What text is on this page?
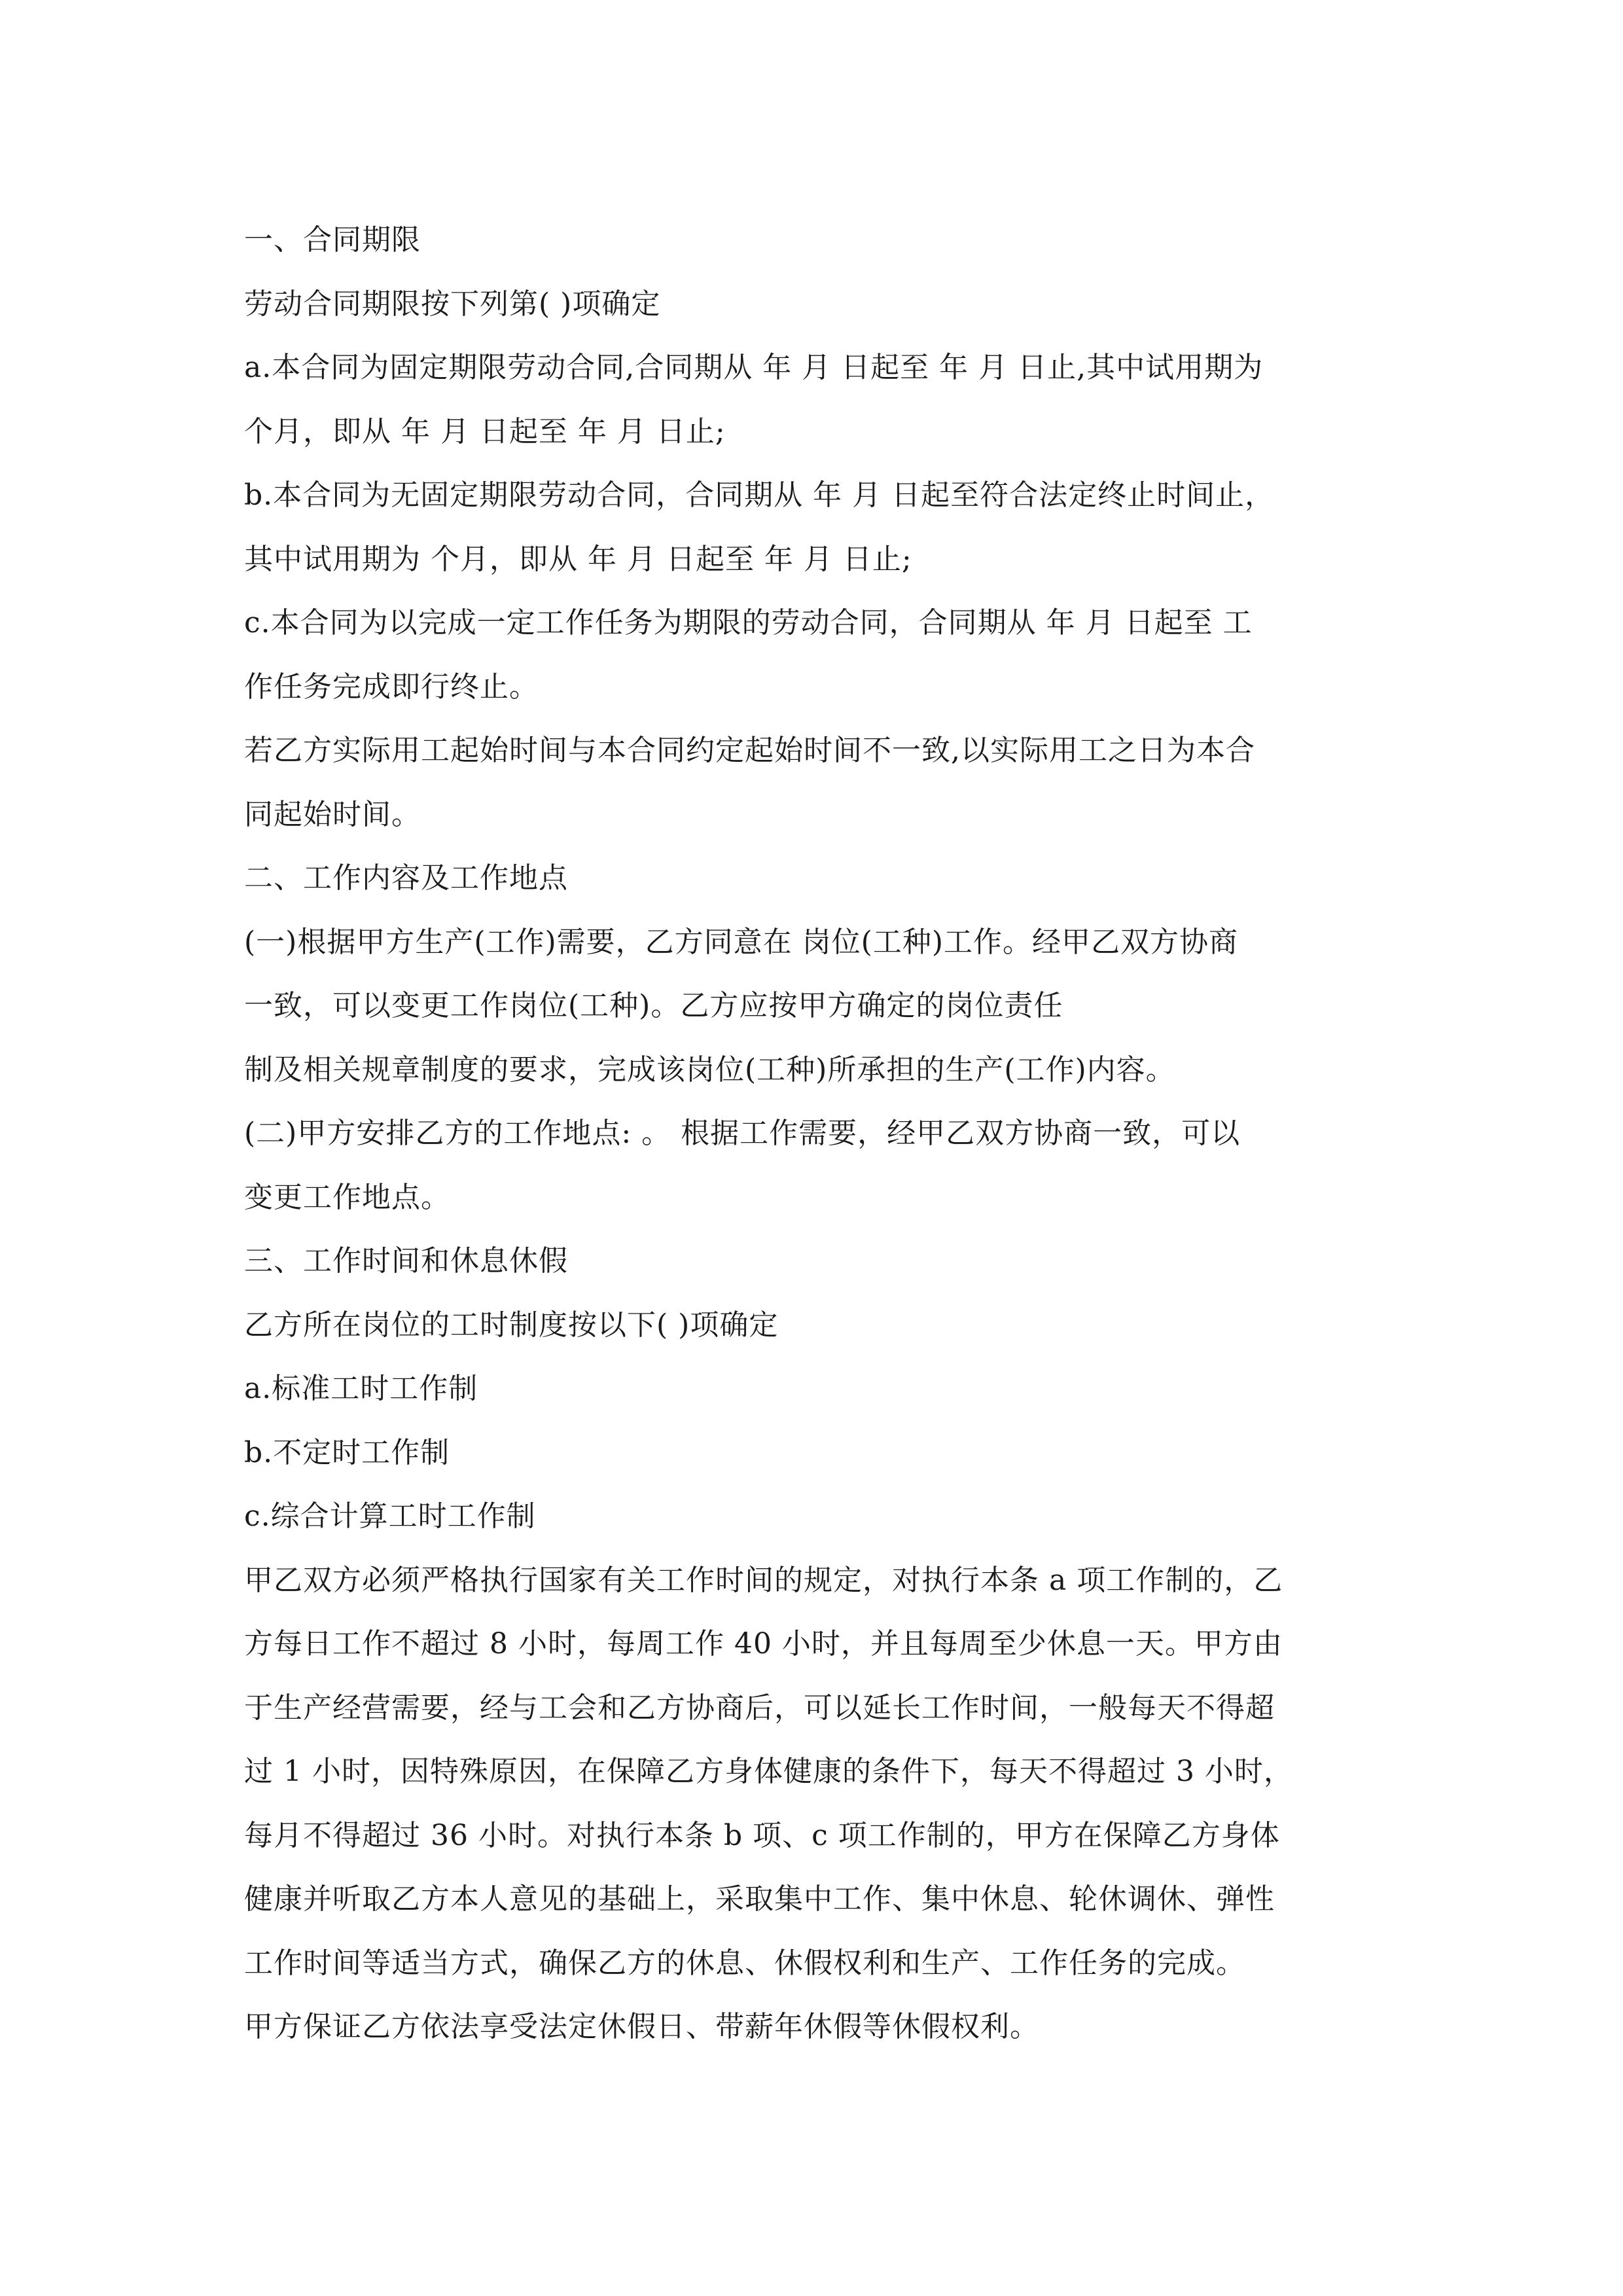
一、合同期限
劳动合同期限按下列第( )项确定
a.本合同为固定期限劳动合同,合同期从 年 月 日起至 年 月 日止,其中试用期为
个月，即从 年 月 日起至 年 月 日止;
b.本合同为无固定期限劳动合同，合同期从 年 月 日起至符合法定终止时间止，
其中试用期为 个月，即从 年 月 日起至 年 月 日止;
c.本合同为以完成一定工作任务为期限的劳动合同，合同期从 年 月 日起至 工
作任务完成即行终止。
若乙方实际用工起始时间与本合同约定起始时间不一致,以实际用工之日为本合
同起始时间。
二、工作内容及工作地点
(一)根据甲方生产(工作)需要，乙方同意在 岗位(工种)工作。经甲乙双方协商
一致，可以变更工作岗位(工种)。乙方应按甲方确定的岗位责任
制及相关规章制度的要求，完成该岗位(工种)所承担的生产(工作)内容。
(二)甲方安排乙方的工作地点: 。 根据工作需要，经甲乙双方协商一致，可以
变更工作地点。
三、工作时间和休息休假
乙方所在岗位的工时制度按以下( )项确定
a.标准工时工作制
b.不定时工作制
c.综合计算工时工作制
甲乙双方必须严格执行国家有关工作时间的规定，对执行本条 a 项工作制的，乙
方每日工作不超过 8 小时，每周工作 40 小时，并且每周至少休息一天。甲方由
于生产经营需要，经与工会和乙方协商后，可以延长工作时间，一般每天不得超
过 1 小时，因特殊原因，在保障乙方身体健康的条件下，每天不得超过 3 小时，
每月不得超过 36 小时。对执行本条 b 项、c 项工作制的，甲方在保障乙方身体
健康并听取乙方本人意见的基础上，采取集中工作、集中休息、轮休调休、弹性
工作时间等适当方式，确保乙方的休息、休假权利和生产、工作任务的完成。
甲方保证乙方依法享受法定休假日、带薪年休假等休假权利。
